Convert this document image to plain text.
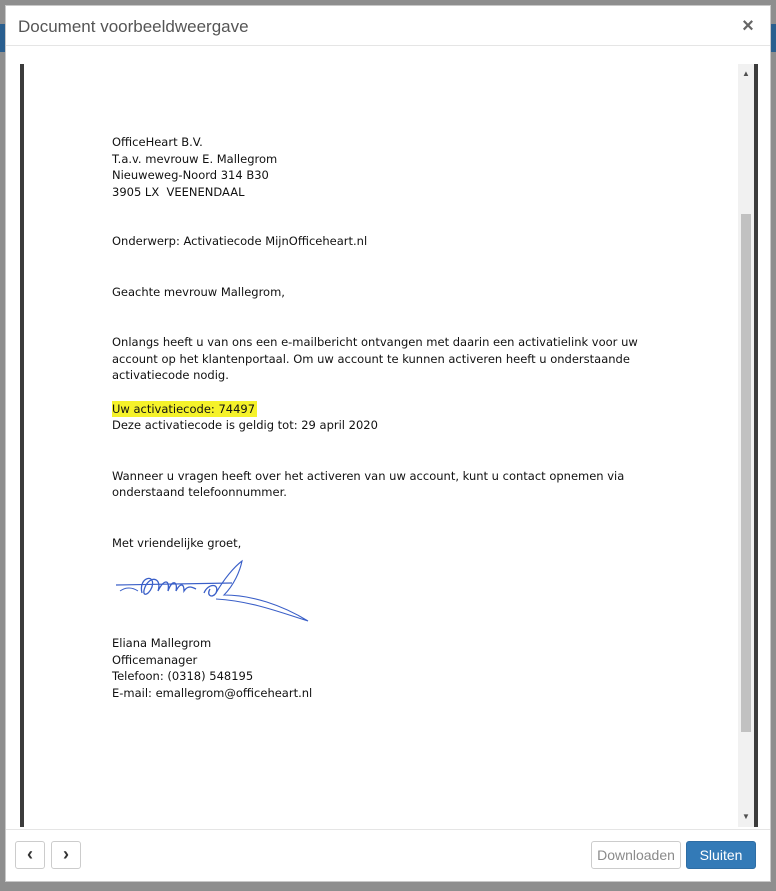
Document voorbeeldweergave	×

OfficeHeart B.V.
T.a.v. mevrouw E. Mallegrom
Nieuweweg-Noord 314 B30
3905 LX  VEENENDAAL

Onderwerp: Activatiecode MijnOfficeheart.nl

Geachte mevrouw Mallegrom,

Onlangs heeft u van ons een e-mailbericht ontvangen met daarin een activatielink voor uw account op het klantenportaal. Om uw account te kunnen activeren heeft u onderstaande activatiecode nodig.

Uw activatiecode: 74497
Deze activatiecode is geldig tot: 29 april 2020

Wanneer u vragen heeft over het activeren van uw account, kunt u contact opnemen via onderstaand telefoonnummer.

Met vriendelijke groet,

Eliana Mallegrom
Officemanager
Telefoon: (0318) 548195
E-mail: emallegrom@officeheart.nl

▲
▼
‹	›	Downloaden	Sluiten
